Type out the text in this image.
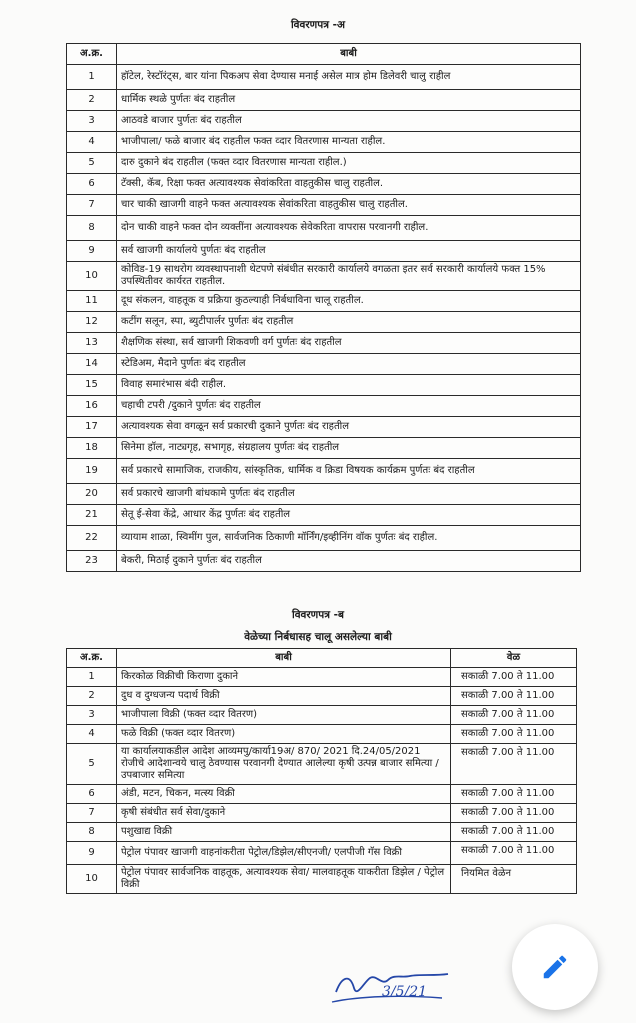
विवरणपत्र -अ
अ.क्र.	बाबी
1	हॉटेल, रेस्टॉरंट्स, बार यांना पिकअप सेवा देण्यास मनाई असेल मात्र होम डिलेवरी चालु राहील
2	धार्मिक स्थळे पुर्णतः बंद राहतील
3	आठवडे बाजार पुर्णतः बंद राहतील
4	भाजीपाला/ फळे बाजार बंद राहतील फक्त व्दार वितरणास मान्यता राहील.
5	दारु दुकाने बंद राहतील (फक्त व्दार वितरणास मान्यता राहील.)
6	टॅक्सी, कॅब, रिक्षा फक्त अत्यावश्यक सेवांकरिता वाहतुकीस चालु राहतील.
7	चार चाकी खाजगी वाहने फक्त अत्यावश्यक सेवांकरिता वाहतुकीस चालु राहतील.
8	दोन चाकी वाहने फक्त दोन व्यक्तींना अत्यावश्यक सेवेकरिता वापरास परवानगी राहील.
9	सर्व खाजगी कार्यालये पुर्णतः बंद राहतील
10	कोविड-19 साथरोग व्यवस्थापनाशी थेटपणे संबंधीत सरकारी कार्यालये वगळता इतर सर्व सरकारी कार्यालये फक्त 15% उपस्थितीवर कार्यरत राहतील.
11	दूध संकलन, वाहतूक व प्रक्रिया कुठल्याही निर्बधाविना चालू राहतील.
12	कटींग सलून, स्पा, ब्युटीपार्लर पुर्णतः बंद राहतील
13	शैक्षणिक संस्था, सर्व खाजगी शिकवणी वर्ग पुर्णतः बंद राहतील
14	स्टेडिअम, मैदाने पुर्णतः बंद राहतील
15	विवाह समारंभास बंदी राहील.
16	चहाची टपरी /दुकाने पुर्णतः बंद राहतील
17	अत्यावश्यक सेवा वगळून सर्व प्रकारची दुकाने पुर्णतः बंद राहतील
18	सिनेमा हॉल, नाट्यगृह, सभागृह, संग्रहालय पुर्णतः बंद राहतील
19	सर्व प्रकारचे सामाजिक, राजकीय, सांस्कृतिक, धार्मिक व क्रिडा विषयक कार्यक्रम पुर्णतः बंद राहतील
20	सर्व प्रकारचे खाजगी बांधकामे पुर्णतः बंद राहतील
21	सेतू ई-सेवा केंद्रे, आधार केंद्र पुर्णतः बंद राहतील
22	व्यायाम शाळा, स्विमींग पुल, सार्वजनिक ठिकाणी मॉर्निंग/इव्हीनिंग वॉक पुर्णतः बंद राहील.
23	बेकरी, मिठाई दुकाने पुर्णतः बंद राहतील
विवरणपत्र -ब
वेळेच्या निर्बधासह चालू असलेल्या बाबी
अ.क्र.	बाबी	वेळ
1	किरकोळ विक्रीची किराणा दुकाने	सकाळी 7.00 ते 11.00
2	दुध व दुग्धजन्य पदार्थ विक्री	सकाळी 7.00 ते 11.00
3	भाजीपाला विक्री (फक्त व्दार वितरण)	सकाळी 7.00 ते 11.00
4	फळे विक्री (फक्त व्दार वितरण)	सकाळी 7.00 ते 11.00
5	या कार्यालयाकडील आदेश आव्यमपु/कार्या19अ/ 870/ 2021 दि.24/05/2021 रोजीचे आदेशान्वये चालु ठेवण्यास परवानगी देण्यात आलेल्या कृषी उत्पन्न बाजार समित्या / उपबाजार समित्या	सकाळी 7.00 ते 11.00
6	अंडी, मटन, चिकन, मत्स्य विक्री	सकाळी 7.00 ते 11.00
7	कृषी संबंधीत सर्व सेवा/दुकाने	सकाळी 7.00 ते 11.00
8	पशुखाद्य विक्री	सकाळी 7.00 ते 11.00
9	पेट्रोल पंपावर खाजगी वाहनांकरीता पेट्रोल/डिझेल/सीएनजी/ एलपीजी गॅस विक्री	सकाळी 7.00 ते 11.00
10	पेट्रोल पंपावर सार्वजनिक वाहतूक, अत्यावश्यक सेवा/ मालवाहतूक याकरीता डिझेल / पेट्रोल विक्री	नियमित वेळेन
3/5/21
